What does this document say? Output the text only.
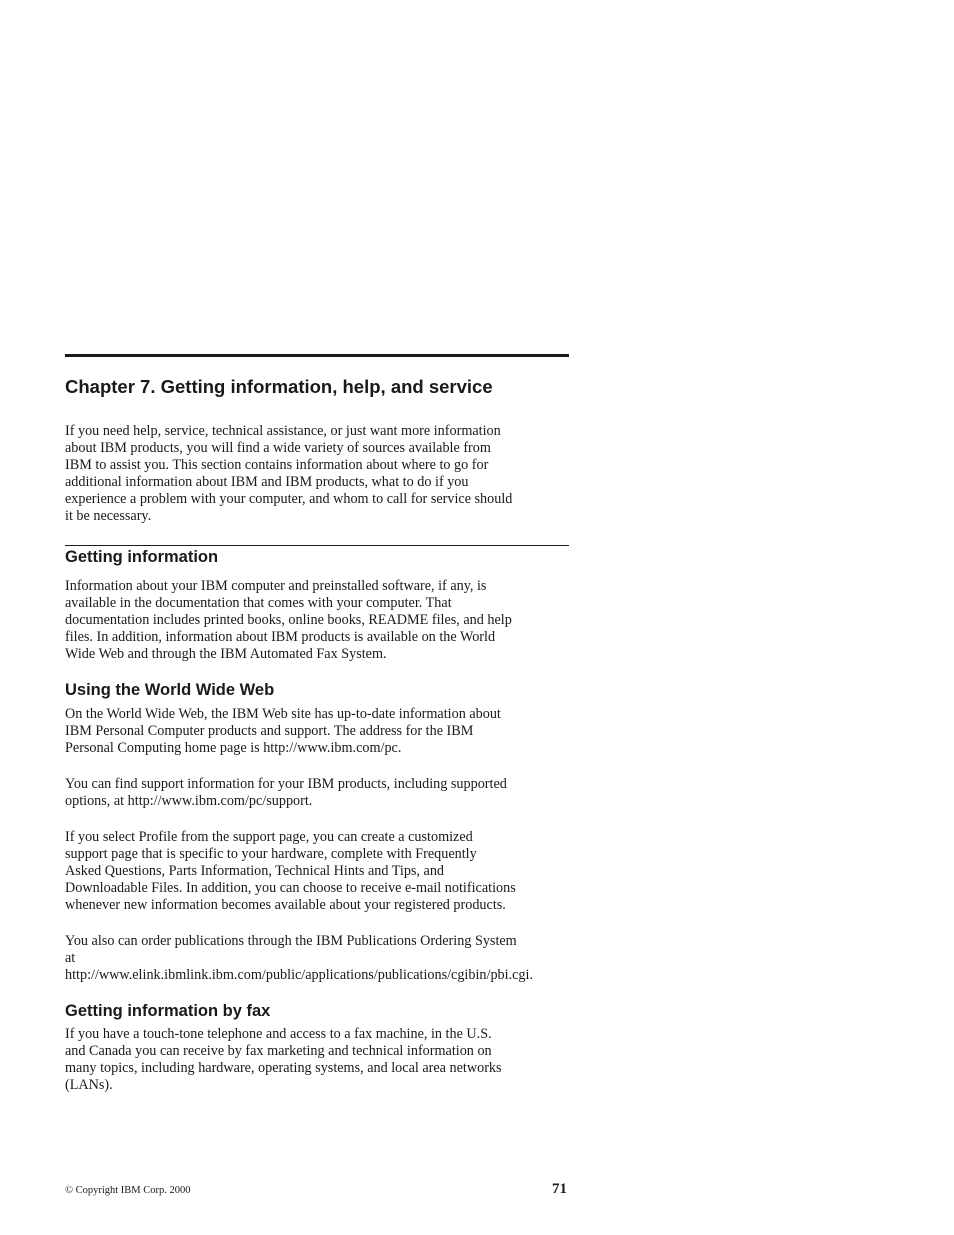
Chapter 7. Getting information, help, and service

If you need help, service, technical assistance, or just want more information
about IBM products, you will find a wide variety of sources available from
IBM to assist you. This section contains information about where to go for
additional information about IBM and IBM products, what to do if you
experience a problem with your computer, and whom to call for service should
it be necessary.

Getting information

Information about your IBM computer and preinstalled software, if any, is
available in the documentation that comes with your computer. That
documentation includes printed books, online books, README files, and help
files. In addition, information about IBM products is available on the World
Wide Web and through the IBM Automated Fax System.

Using the World Wide Web

On the World Wide Web, the IBM Web site has up-to-date information about
IBM Personal Computer products and support. The address for the IBM
Personal Computing home page is http://www.ibm.com/pc.

You can find support information for your IBM products, including supported
options, at http://www.ibm.com/pc/support.

If you select Profile from the support page, you can create a customized
support page that is specific to your hardware, complete with Frequently
Asked Questions, Parts Information, Technical Hints and Tips, and
Downloadable Files. In addition, you can choose to receive e-mail notifications
whenever new information becomes available about your registered products.

You also can order publications through the IBM Publications Ordering System
at
http://www.elink.ibmlink.ibm.com/public/applications/publications/cgibin/pbi.cgi.

Getting information by fax

If you have a touch-tone telephone and access to a fax machine, in the U.S.
and Canada you can receive by fax marketing and technical information on
many topics, including hardware, operating systems, and local area networks
(LANs).

© Copyright IBM Corp. 2000	71
